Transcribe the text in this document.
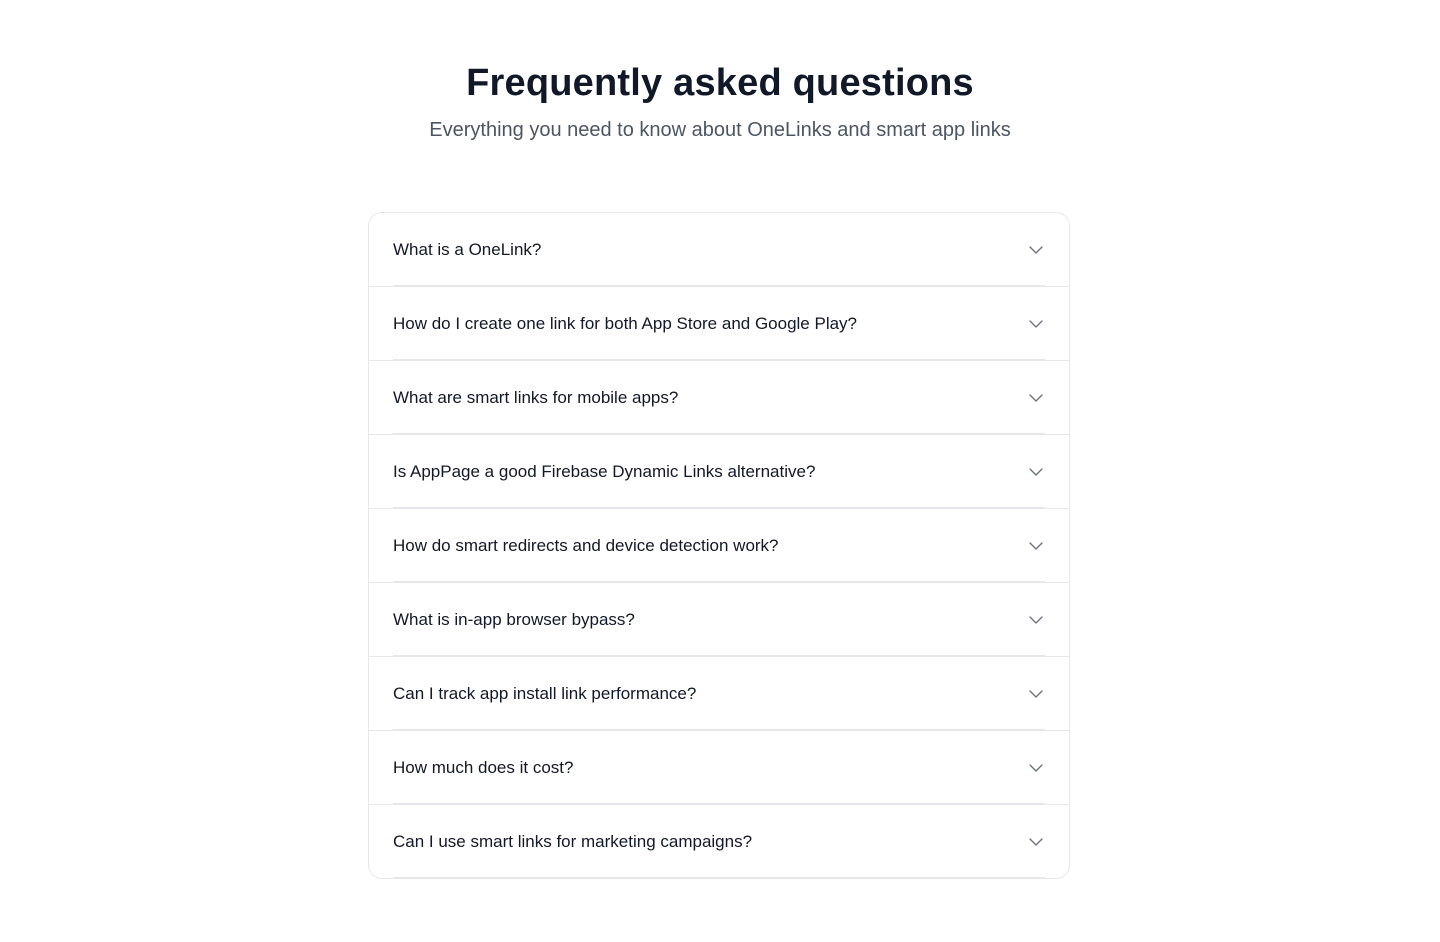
Frequently asked questions

Everything you need to know about OneLinks and smart app links

What is a OneLink?
How do I create one link for both App Store and Google Play?
What are smart links for mobile apps?
Is AppPage a good Firebase Dynamic Links alternative?
How do smart redirects and device detection work?
What is in-app browser bypass?
Can I track app install link performance?
How much does it cost?
Can I use smart links for marketing campaigns?
